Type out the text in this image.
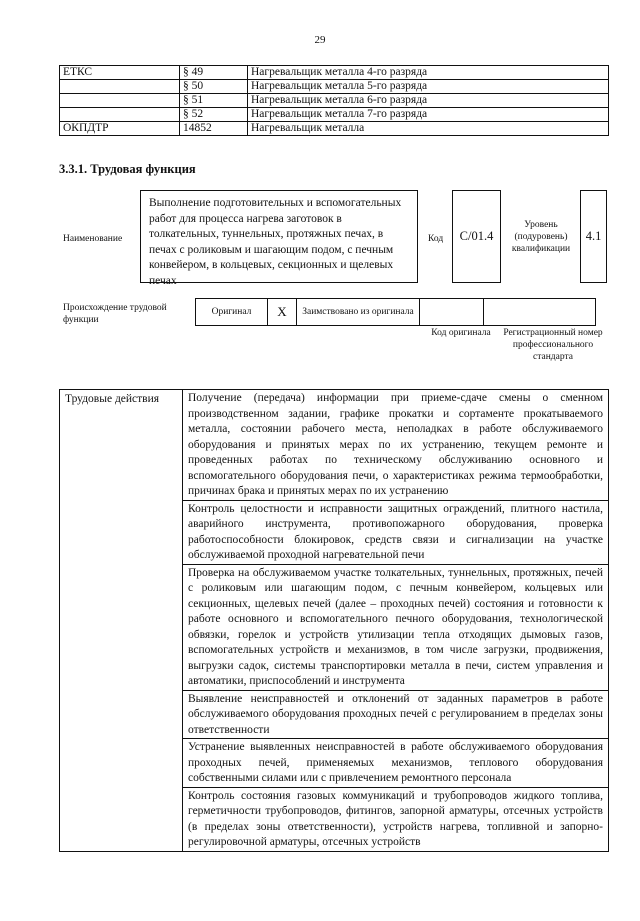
29
ЕТКС	§ 49	Нагревальщик металла 4-го разряда
	§ 50	Нагревальщик металла 5-го разряда
	§ 51	Нагревальщик металла 6-го разряда
	§ 52	Нагревальщик металла 7-го разряда
ОКПДТР	14852	Нагревальщик металла
3.3.1. Трудовая функция
Наименование
Выполнение подготовительных и вспомогательных работ для процесса нагрева заготовок в толкательных, туннельных, протяжных печах, в печах с роликовым и шагающим подом, с печным конвейером, в кольцевых, секционных и щелевых печах
Код	C/01.4
Уровень (подуровень) квалификации
4.1
Происхождение трудовой функции
Оригинал	X	Заимствовано из оригинала		
Код оригинала	Регистрационный номер профессионального стандарта
Трудовые действия	Получение (передача) информации при приеме-сдаче смены о сменном производственном задании, графике прокатки и сортаменте прокатываемого металла, состоянии рабочего места, неполадках в работе обслуживаемого оборудования и принятых мерах по их устранению, текущем ремонте и проведенных работах по техническому обслуживанию основного и вспомогательного оборудования печи, о характеристиках режима термообработки, причинах брака и принятых мерах по их устранению
Контроль целостности и исправности защитных ограждений, плитного настила, аварийного инструмента, противопожарного оборудования, проверка работоспособности блокировок, средств связи и сигнализации на участке обслуживаемой проходной нагревательной печи
Проверка на обслуживаемом участке толкательных, туннельных, протяжных, печей с роликовым или шагающим подом, с печным конвейером, кольцевых или секционных, щелевых печей (далее – проходных печей) состояния и готовности к работе основного и вспомогательного печного оборудования, технологической обвязки, горелок и устройств утилизации тепла отходящих дымовых газов, вспомогательных устройств и механизмов, в том числе загрузки, продвижения, выгрузки садок, системы транспортировки металла в печи, систем управления и автоматики, приспособлений и инструмента
Выявление неисправностей и отклонений от заданных параметров в работе обслуживаемого оборудования проходных печей с регулированием в пределах зоны ответственности
Устранение выявленных неисправностей в работе обслуживаемого оборудования проходных печей, применяемых механизмов, теплового оборудования собственными силами или с привлечением ремонтного персонала
Контроль состояния газовых коммуникаций и трубопроводов жидкого топлива, герметичности трубопроводов, фитингов, запорной арматуры, отсечных устройств (в пределах зоны ответственности), устройств нагрева, топливной и запорно-регулировочной арматуры, отсечных устройств
